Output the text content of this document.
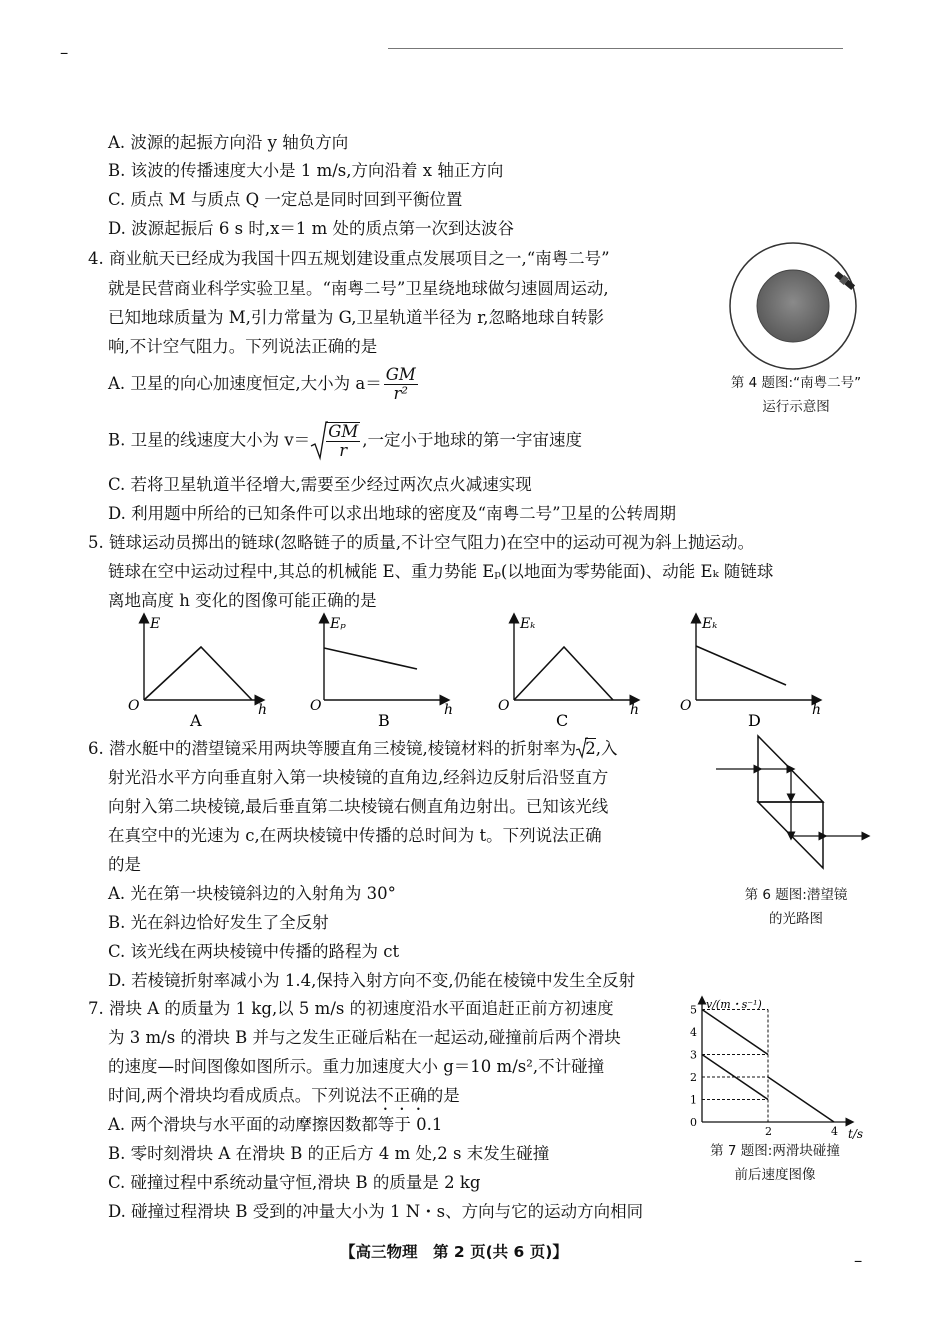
–
A. 波源的起振方向沿 y 轴负方向
B. 该波的传播速度大小是 1 m/s,方向沿着 x 轴正方向
C. 质点 M 与质点 Q 一定总是同时回到平衡位置
D. 波源起振后 6 s 时,x＝1 m 处的质点第一次到达波谷
4. 商业航天已经成为我国十四五规划建设重点发展项目之一,“南粤二号”
就是民营商业科学实验卫星。“南粤二号”卫星绕地球做匀速圆周运动,
已知地球质量为 M,引力常量为 G,卫星轨道半径为 r,忽略地球自转影
响,不计空气阻力。下列说法正确的是
A. 卫星的向心加速度恒定,大小为 $a= \frac{GM}{\text{r²}}$
B. 卫星的线速度大小为 $v= \frac{GM}{r}$ ,一定小于地球的第一宇宙速度
C. 若将卫星轨道半径增大,需要至少经过两次点火减速实现
D. 利用题中所给的已知条件可以求出地球的密度及“南粤二号”卫星的公转周期
第 4 题图:“南粤二号”
运行示意图
5. 链球运动员掷出的链球(忽略链子的质量,不计空气阻力)在空中的运动可视为斜上抛运动。
链球在空中运动过程中,其总的机械能 E、重力势能 Eₚ(以地面为零势能面)、动能 Eₖ 随链球
离地高度 h 变化的图像可能正确的是
E
O	h
A
Eₚ
O	h
B
Eₖ
O	h
C
Eₖ
O	h
D
6. 潜水艇中的潜望镜采用两块等腰直角三棱镜,棱镜材料的折射率为 2,入
射光沿水平方向垂直射入第一块棱镜的直角边,经斜边反射后沿竖直方
向射入第二块棱镜,最后垂直第二块棱镜右侧直角边射出。已知该光线
在真空中的光速为 c,在两块棱镜中传播的总时间为 t。下列说法正确
的是
A. 光在第一块棱镜斜边的入射角为 30°
B. 光在斜边恰好发生了全反射
C. 该光线在两块棱镜中传播的路程为 ct
D. 若棱镜折射率减小为 1.4,保持入射方向不变,仍能在棱镜中发生全反射
第 6 题图:潜望镜
的光路图
7. 滑块 A 的质量为 1 kg,以 5 m/s 的初速度沿水平面追赶正前方初速度
为 3 m/s 的滑块 B 并与之发生正碰后粘在一起运动,碰撞前后两个滑块
的速度—时间图像如图所示。重力加速度大小 g＝10 m/s²,不计碰撞
时间,两个滑块均看成质点。下列说法不正确的是
A. 两个滑块与水平面的动摩擦因数都等于 0.1
B. 零时刻滑块 A 在滑块 B 的正后方 4 m 处,2 s 末发生碰撞
C. 碰撞过程中系统动量守恒,滑块 B 的质量是 2 kg
D. 碰撞过程滑块 B 受到的冲量大小为 1 N・s、方向与它的运动方向相同
v/(m・s⁻¹)
t/s
5
4
3
2
1
0
2	4
第 7 题图:两滑块碰撞
前后速度图像
【高三物理　第 2 页(共 6 页)】	–
